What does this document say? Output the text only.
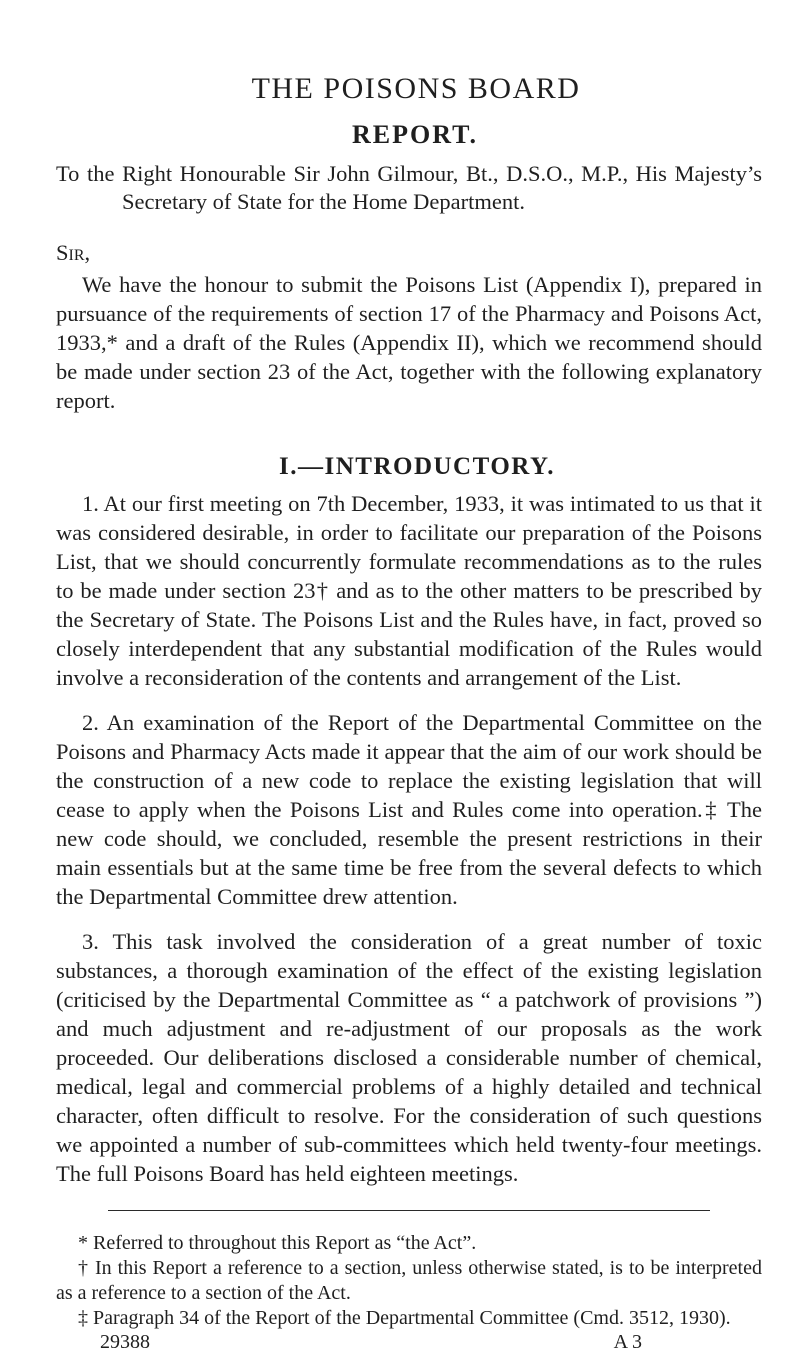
THE POISONS BOARD
REPORT.

To the Right Honourable Sir John Gilmour, Bt., D.S.O., M.P., His Majesty’s Secretary of State for the Home Department.

Sir,

We have the honour to submit the Poisons List (Appendix I), prepared in pursuance of the requirements of section 17 of the Pharmacy and Poisons Act, 1933,* and a draft of the Rules (Appendix II), which we recommend should be made under section 23 of the Act, together with the following explanatory report.

I.—INTRODUCTORY.

1. At our first meeting on 7th December, 1933, it was intimated to us that it was considered desirable, in order to facilitate our preparation of the Poisons List, that we should concurrently formulate recommendations as to the rules to be made under section 23† and as to the other matters to be prescribed by the Secretary of State. The Poisons List and the Rules have, in fact, proved so closely interdependent that any substantial modification of the Rules would involve a reconsideration of the contents and arrangement of the List.

2. An examination of the Report of the Departmental Committee on the Poisons and Pharmacy Acts made it appear that the aim of our work should be the construction of a new code to replace the existing legislation that will cease to apply when the Poisons List and Rules come into operation.‡ The new code should, we concluded, resemble the present restrictions in their main essentials but at the same time be free from the several defects to which the Departmental Committee drew attention.

3. This task involved the consideration of a great number of toxic substances, a thorough examination of the effect of the existing legislation (criticised by the Departmental Committee as “ a patchwork of provisions ”) and much adjustment and re-adjustment of our proposals as the work proceeded. Our deliberations disclosed a considerable number of chemical, medical, legal and commercial problems of a highly detailed and technical character, often difficult to resolve. For the consideration of such questions we appointed a number of sub-committees which held twenty-four meetings. The full Poisons Board has held eighteen meetings.

* Referred to throughout this Report as “the Act”.

† In this Report a reference to a section, unless otherwise stated, is to be interpreted as a reference to a section of the Act.

‡ Paragraph 34 of the Report of the Departmental Committee (Cmd. 3512, 1930).

29388	A 3
